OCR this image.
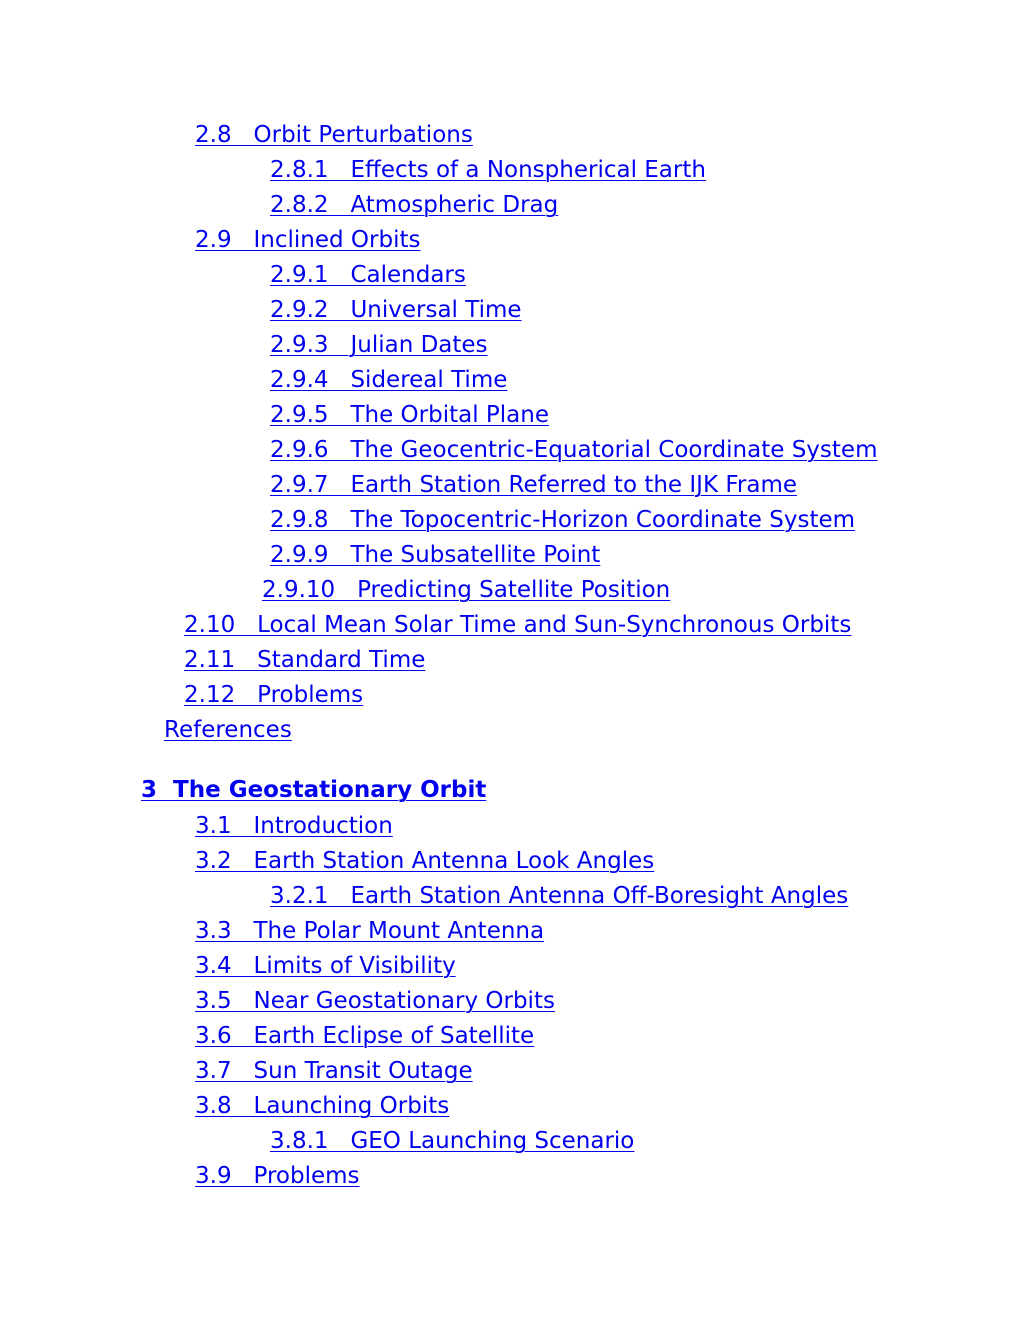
2.8   Orbit Perturbations
2.8.1   Effects of a Nonspherical Earth
2.8.2   Atmospheric Drag
2.9   Inclined Orbits
2.9.1   Calendars
2.9.2   Universal Time
2.9.3   Julian Dates
2.9.4   Sidereal Time
2.9.5   The Orbital Plane
2.9.6   The Geocentric-Equatorial Coordinate System
2.9.7   Earth Station Referred to the IJK Frame
2.9.8   The Topocentric-Horizon Coordinate System
2.9.9   The Subsatellite Point
2.9.10   Predicting Satellite Position
2.10   Local Mean Solar Time and Sun-Synchronous Orbits
2.11   Standard Time
2.12   Problems
References
3  The Geostationary Orbit
3.1   Introduction
3.2   Earth Station Antenna Look Angles
3.2.1   Earth Station Antenna Off-Boresight Angles
3.3   The Polar Mount Antenna
3.4   Limits of Visibility
3.5   Near Geostationary Orbits
3.6   Earth Eclipse of Satellite
3.7   Sun Transit Outage
3.8   Launching Orbits
3.8.1   GEO Launching Scenario
3.9   Problems
